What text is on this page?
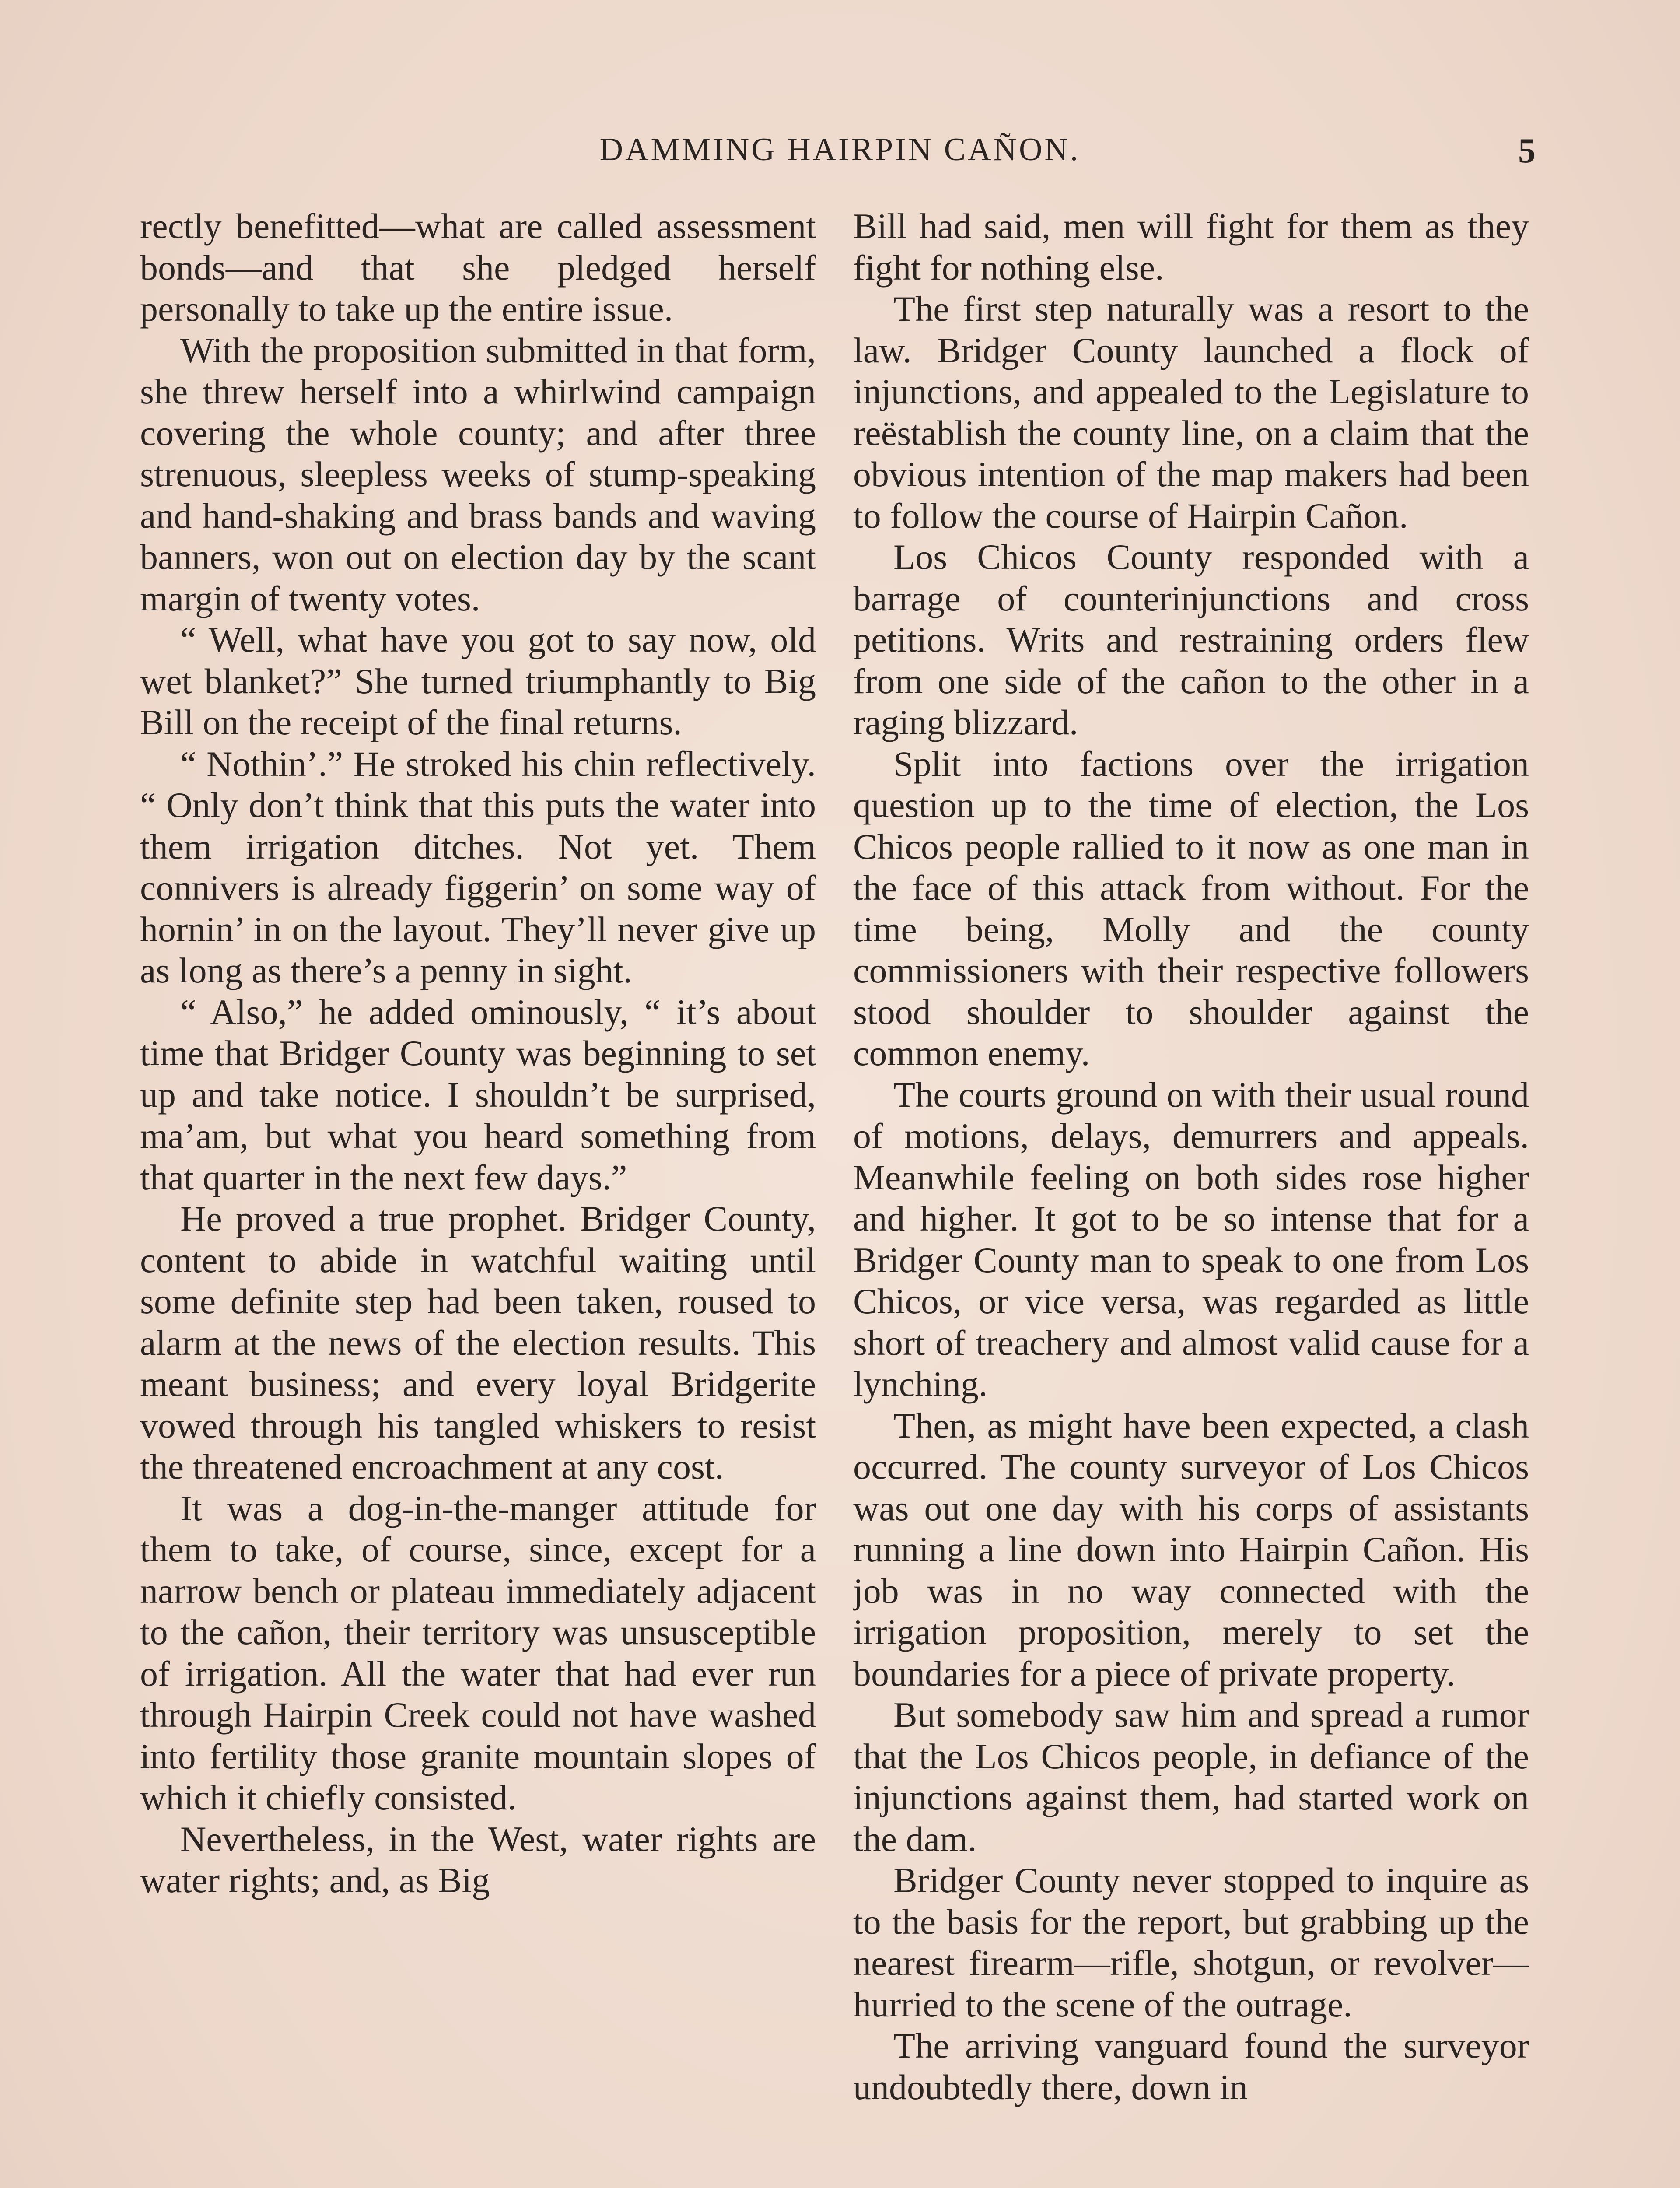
DAMMING HAIRPIN CAÑON.	5

rectly benefitted—what are called assessment bonds—and that she pledged herself personally to take up the entire issue.

With the proposition submitted in that form, she threw herself into a whirlwind campaign covering the whole county; and after three strenuous, sleepless weeks of stump-speaking and hand-shaking and brass bands and waving banners, won out on election day by the scant margin of twenty votes.

“ Well, what have you got to say now, old wet blanket?” She turned triumphantly to Big Bill on the receipt of the final returns.

“ Nothin’.” He stroked his chin reflectively. “ Only don’t think that this puts the water into them irrigation ditches. Not yet. Them connivers is already figgerin’ on some way of hornin’ in on the layout. They’ll never give up as long as there’s a penny in sight.

“ Also,” he added ominously, “ it’s about time that Bridger County was beginning to set up and take notice. I shouldn’t be surprised, ma’am, but what you heard something from that quarter in the next few days.”

He proved a true prophet. Bridger County, content to abide in watchful waiting until some definite step had been taken, roused to alarm at the news of the election results. This meant business; and every loyal Bridgerite vowed through his tangled whiskers to resist the threatened encroachment at any cost.

It was a dog-in-the-manger attitude for them to take, of course, since, except for a narrow bench or plateau immediately adjacent to the cañon, their territory was unsusceptible of irrigation. All the water that had ever run through Hairpin Creek could not have washed into fertility those granite mountain slopes of which it chiefly consisted.

Nevertheless, in the West, water rights are water rights; and, as Big

Bill had said, men will fight for them as they fight for nothing else.

The first step naturally was a resort to the law. Bridger County launched a flock of injunctions, and appealed to the Legislature to reëstablish the county line, on a claim that the obvious intention of the map makers had been to follow the course of Hairpin Cañon.

Los Chicos County responded with a barrage of counterinjunctions and cross petitions. Writs and restraining orders flew from one side of the cañon to the other in a raging blizzard.

Split into factions over the irrigation question up to the time of election, the Los Chicos people rallied to it now as one man in the face of this attack from without. For the time being, Molly and the county commissioners with their respective followers stood shoulder to shoulder against the common enemy.

The courts ground on with their usual round of motions, delays, demurrers and appeals. Meanwhile feeling on both sides rose higher and higher. It got to be so intense that for a Bridger County man to speak to one from Los Chicos, or vice versa, was regarded as little short of treachery and almost valid cause for a lynching.

Then, as might have been expected, a clash occurred. The county surveyor of Los Chicos was out one day with his corps of assistants running a line down into Hairpin Cañon. His job was in no way connected with the irrigation proposition, merely to set the boundaries for a piece of private property.

But somebody saw him and spread a rumor that the Los Chicos people, in defiance of the injunctions against them, had started work on the dam.

Bridger County never stopped to inquire as to the basis for the report, but grabbing up the nearest firearm—rifle, shotgun, or revolver—hurried to the scene of the outrage.

The arriving vanguard found the surveyor undoubtedly there, down in
